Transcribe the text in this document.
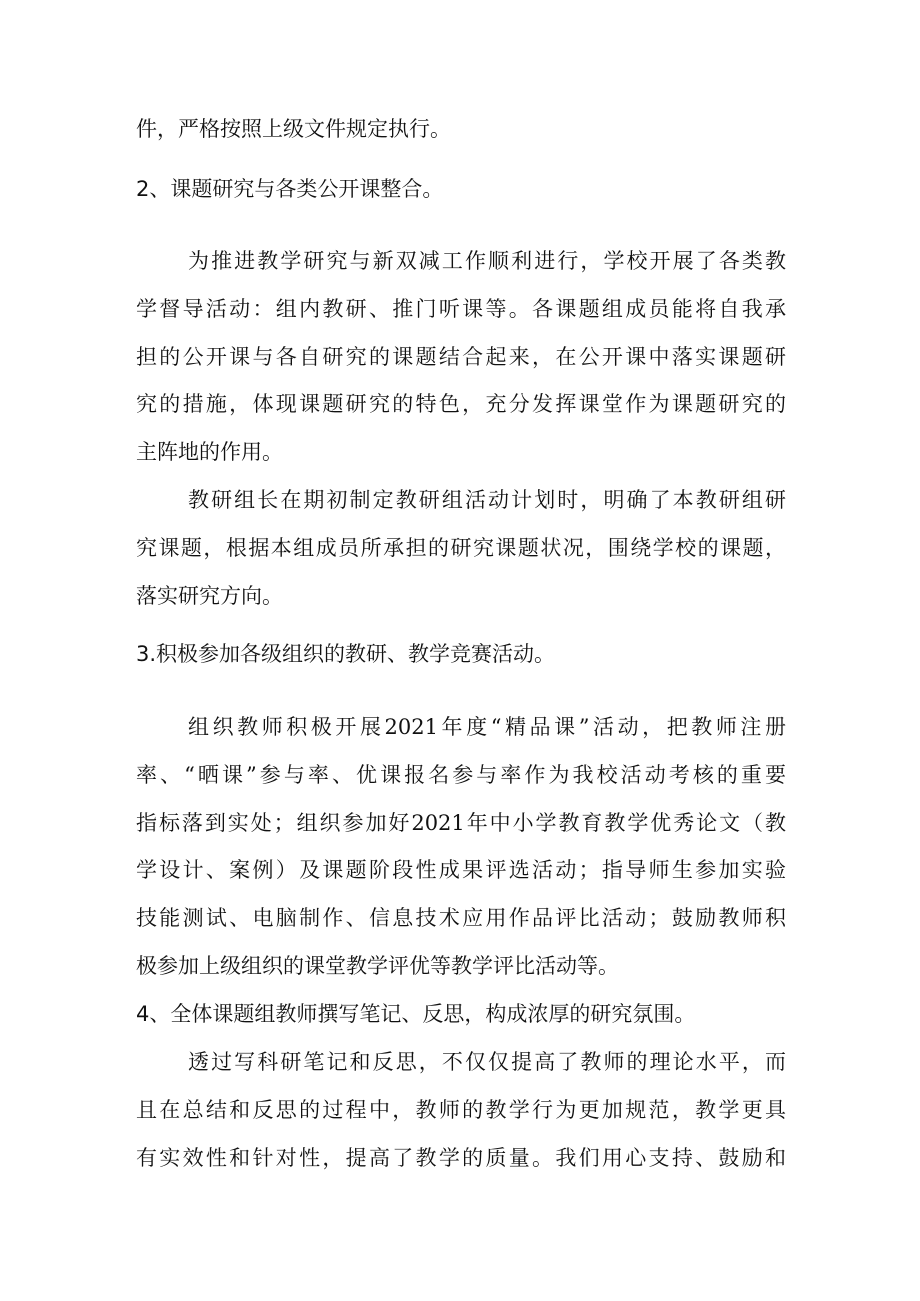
件，严格按照上级文件规定执行。
2、课题研究与各类公开课整合。
为推进教学研究与新双减工作顺利进行，学校开展了各类教
学督导活动：组内教研、推门听课等。各课题组成员能将自我承
担的公开课与各自研究的课题结合起来，在公开课中落实课题研
究的措施，体现课题研究的特色，充分发挥课堂作为课题研究的
主阵地的作用。
教研组长在期初制定教研组活动计划时，明确了本教研组研
究课题，根据本组成员所承担的研究课题状况，围绕学校的课题，
落实研究方向。
3.积极参加各级组织的教研、教学竞赛活动。
组织教师积极开展2021年度“精品课”活动，把教师注册
率、“晒课”参与率、优课报名参与率作为我校活动考核的重要
指标落到实处；组织参加好2021年中小学教育教学优秀论文（教
学设计、案例）及课题阶段性成果评选活动；指导师生参加实验
技能测试、电脑制作、信息技术应用作品评比活动；鼓励教师积
极参加上级组织的课堂教学评优等教学评比活动等。
4、全体课题组教师撰写笔记、反思，构成浓厚的研究氛围。
透过写科研笔记和反思，不仅仅提高了教师的理论水平，而
且在总结和反思的过程中，教师的教学行为更加规范，教学更具
有实效性和针对性，提高了教学的质量。我们用心支持、鼓励和
